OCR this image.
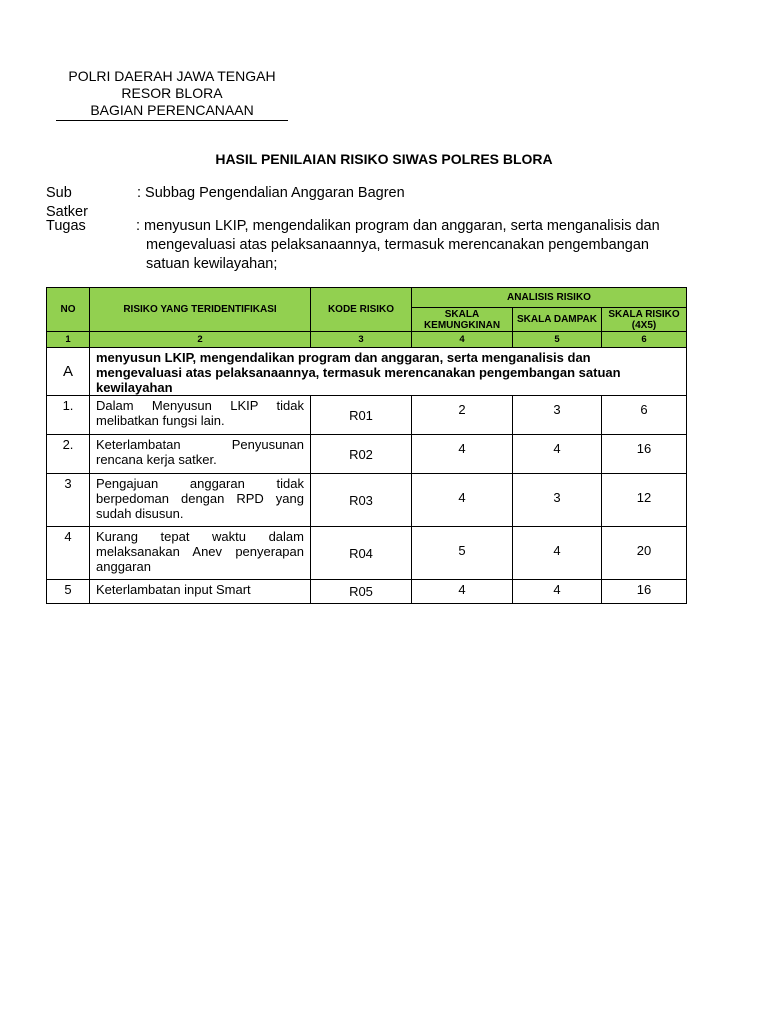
POLRI DAERAH JAWA TENGAH
RESOR BLORA
BAGIAN PERENCANAAN
HASIL PENILAIAN RISIKO SIWAS POLRES BLORA
Sub Satker
: Subbag Pengendalian Anggaran Bagren
Tugas	: menyusun LKIP, mengendalikan program dan anggaran, serta menganalisis dan
mengevaluasi atas pelaksanaannya, termasuk merencanakan pengembangan
satuan kewilayahan;
NO	RISIKO YANG TERIDENTIFIKASI	KODE RISIKO	ANALISIS RISIKO		
			SKALA KEMUNGKINAN	SKALA DAMPAK	SKALA RISIKO (4X5)
1	2	3	4	5	6
A	menyusun LKIP, mengendalikan program dan anggaran, serta menganalisis dan mengevaluasi atas pelaksanaannya, termasuk merencanakan pengembangan satuan kewilayahan				
1.	Dalam Menyusun LKIP tidak melibatkan fungsi lain.	R01	2	3	6
2.	Keterlambatan Penyusunan rencana kerja satker.	R02	4	4	16
3	Pengajuan anggaran tidak berpedoman dengan RPD yang sudah disusun.	R03	4	3	12
4	Kurang tepat waktu dalam melaksanakan Anev penyerapan anggaran	R04	5	4	20
5	Keterlambatan input Smart	R05	4	4	16
